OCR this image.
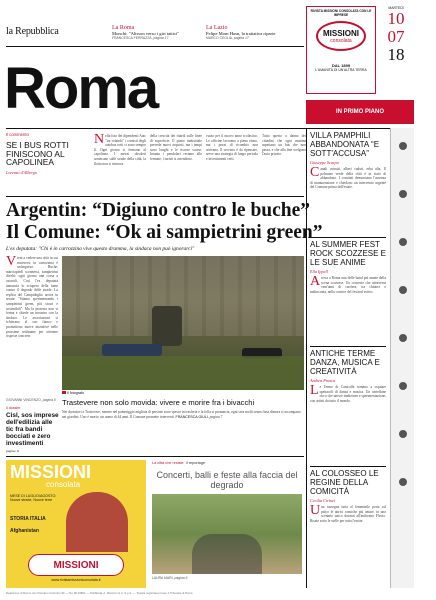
la Repubblica	La Roma
Monchi: "Alisson verso i giri tattici"
FRANCESCA FERRAZZA, pagina 17
La Lazio
Felipe Mom Hasn, la trattativa riparte
MARCO CEGLIA, pagina 17
RIVISTA MISSIONI CONSOLATA CON LE IMPRESE
MISSIONI
consolata
DAL 1899
L'UMANITÀ DI UN'ALTRA TERRA
MARTEDÌ
10
07
18
Roma	IN PRIMO PIANO
Il commento
SE I BUS ROTTI FINISCONO AL CAPOLINEA
Lorenzo d'Albergo

Nella foto dei dipendenti Atac "tor rolando" i cronisti degli autobus rotti ci sono sempre lì. Ogni giorno si fermano al capolinea. I mezzi obsoleti arrancano sulle strade della città, la flotta non si rinnova.

della crescita dei ritardi sulle linee di superficie. Il piano industriale prevede nuovi acquisti, ma i tempi sono lunghi e le risorse scarse. Intanto i pendolari restano alle fermate, i turisti si arrendono.

vuoto per il nuovo anno scolastico. Le officine lavorano a pieno ritmo, ma i pezzi di ricambio non arrivano. Il servizio è da ripensare, serve una strategia di lungo periodo e investimenti certi.

Tutto questo a danno dei cittadini che ogni mattina aspettano un bus che non passa, e che alla fine scelgono l'auto privata.

Argentin: “Digiuno contro le buche”
Il Comune: “Ok ai sampietrini green”
L'ex deputata: "Chi è in carrozzina vive questo dramma, la sindaca non può ignorarci"

Vieni a vedere una città in cui muoversi in carrozzina è un'impresa. Buche, marciapiedi sconnessi, sampietrini divelti: ogni giorno una corsa a ostacoli. Così l'ex deputata annuncia lo sciopero della fame contro il degrado delle strade. La replica del Campidoglio arriva in serata: "Stiamo sperimentando i sampietrini green, più sicuri e sostenibili". Ma la protesta non si ferma e chiede un incontro con la sindaca. Le associazioni si schierano al suo fianco e promettono nuove iniziative nelle prossime settimane per ottenere risposte concrete.

GIOVANNI VINCENZO, pagina 5
Il fotografo
Trastevere non solo movida: vivere e morire fra i bivacchi
Nei dormitori a Trastevere, mentre nel pomeriggio migliaia di persone sono spesso in trasferta e la folla si pronuncia, ogni sera molti senza fissa dimora si accampano nei giardini. Uno è morto: un uomo di 44 anni. Il Comune promette interventi. FRANCESCA GIULI, pagina 7
Il dossier
Cisl, sos imprese dell'edilizia alle tic fra bandi bocciati e zero investimenti
pagina 11
MISSIONI
consolata
MESE DI LUGLIO/AGOSTO: Nuove strade, Nuove terre
STORIA ITALIA
Afghanistan
MISSIONI
www.rivistamissioniconsolata.it
La città che resiste Il reportage
Concerti, balli e feste alla faccia del degrado
LAURA MARI, pagina 9
VILLA PAMPHILI ABBANDONATA “E SOTT'ACCUSA”
Giuseppe Scarpa

Canali ostruiti, alberi caduti, erba alta. Il polmone verde della città è in stato di abbandono. I comitati denunciano l'assenza di manutenzione e chiedono un intervento urgente del Comune prima dell'estate.

AL SUMMER FEST ROCK SCOZZESE E LE SUE ANIME
Ella Ippell

Arriva a Roma una delle band più amate della scena scozzese. Un concerto che attraversa vent'anni di carriera, tra chitarre e malinconia, nella cornice del festival estivo.

ANTICHE TERME DANZA, MUSICA E CREATIVITÀ
Andrea Prasca

Le Terme di Caracalla tornano a ospitare spettacoli di danza e musica. Un cartellone ricco che unisce tradizione e sperimentazione, con artisti da tutto il mondo.

AL COLOSSEO LE REGINE DELLA COMICITÀ
Cecilia Cirinei

Una rassegna tutta al femminile porta sul palco le attrici comiche più amate, in uno scenario unico davanti all'anfiteatro Flavio. Risate sotto le stelle per tutta l'estate.

Redazione di Roma: via Cristoforo Colombo 90 — Tel. 06 49821 — Pubblicità: A. Manzoni & C. S.p.A. — Testata registrata presso il Tribunale di Roma
